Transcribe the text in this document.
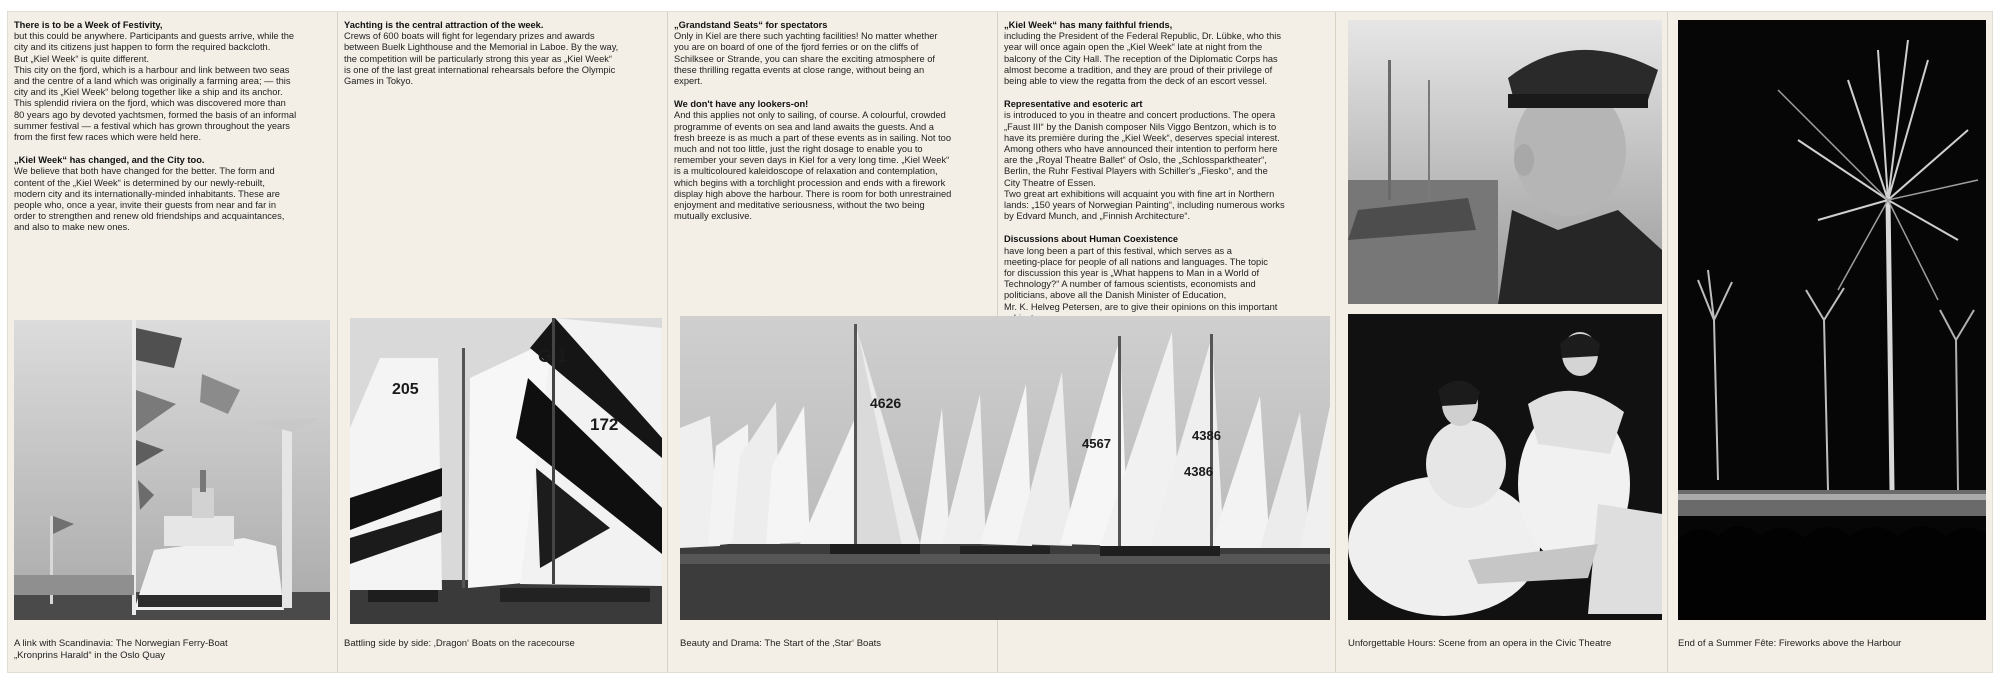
There is to be a Week of Festivity,
but this could be anywhere. Participants and guests arrive, while the
city and its citizens just happen to form the required backcloth.
But „Kiel Week“ is quite different.
This city on the fjord, which is a harbour and link between two seas
and the centre of a land which was originally a farming area; — this
city and its „Kiel Week“ belong together like a ship and its anchor.
This splendid riviera on the fjord, which was discovered more than
80 years ago by devoted yachtsmen, formed the basis of an informal
summer festival — a festival which has grown throughout the years
from the first few races which were held here.

„Kiel Week“ has changed, and the City too.
We believe that both have changed for the better. The form and
content of the „Kiel Week“ is determined by our newly-rebuilt,
modern city and its internationally-minded inhabitants. These are
people who, once a year, invite their guests from near and far in
order to strengthen and renew old friendships and acquaintances,
and also to make new ones.

A link with Scandinavia: The Norwegian Ferry-Boat
„Kronprins Harald“ in the Oslo Quay

Yachting is the central attraction of the week.
Crews of 600 boats will fight for legendary prizes and awards
between Buelk Lighthouse and the Memorial in Laboe. By the way,
the competition will be particularly strong this year as „Kiel Week“
is one of the last great international rehearsals before the Olympic
Games in Tokyo.

205
G 1
172
Battling side by side: ‚Dragon‘ Boats on the racecourse

„Grandstand Seats“ for spectators
Only in Kiel are there such yachting facilities! No matter whether
you are on board of one of the fjord ferries or on the cliffs of
Schilksee or Strande, you can share the exciting atmosphere of
these thrilling regatta events at close range, without being an
expert.

We don't have any lookers-on!
And this applies not only to sailing, of course. A colourful, crowded
programme of events on sea and land awaits the guests. And a
fresh breeze is as much a part of these events as in sailing. Not too
much and not too little, just the right dosage to enable you to
remember your seven days in Kiel for a very long time. „Kiel Week“
is a multicoloured kaleidoscope of relaxation and contemplation,
which begins with a torchlight procession and ends with a firework
display high above the harbour. There is room for both unrestrained
enjoyment and meditative seriousness, without the two being
mutually exclusive.

„Kiel Week“ has many faithful friends,
including the President of the Federal Republic, Dr. Lübke, who this
year will once again open the „Kiel Week“ late at night from the
balcony of the City Hall. The reception of the Diplomatic Corps has
almost become a tradition, and they are proud of their privilege of
being able to view the regatta from the deck of an escort vessel.

Representative and esoteric art
is introduced to you in theatre and concert productions. The opera
„Faust III“ by the Danish composer Nils Viggo Bentzon, which is to
have its première during the „Kiel Week“, deserves special interest.
Among others who have announced their intention to perform here
are the „Royal Theatre Ballet“ of Oslo, the „Schlossparktheater“,
Berlin, the Ruhr Festival Players with Schiller's „Fiesko“, and the
City Theatre of Essen.
Two great art exhibitions will acquaint you with fine art in Northern
lands: „150 years of Norwegian Painting“, including numerous works
by Edvard Munch, and „Finnish Architecture“.

Discussions about Human Coexistence
have long been a part of this festival, which serves as a
meeting-place for people of all nations and languages. The topic
for discussion this year is „What happens to Man in a World of
Technology?“ A number of famous scientists, economists and
politicians, above all the Danish Minister of Education,
Mr. K. Helveg Petersen, are to give their opinions on this important

4626
4567
4386
4386
Beauty and Drama: The Start of the ‚Star‘ Boats	Unforgettable Hours: Scene from an opera in the Civic Theatre	End of a Summer Fête: Fireworks above the Harbour
